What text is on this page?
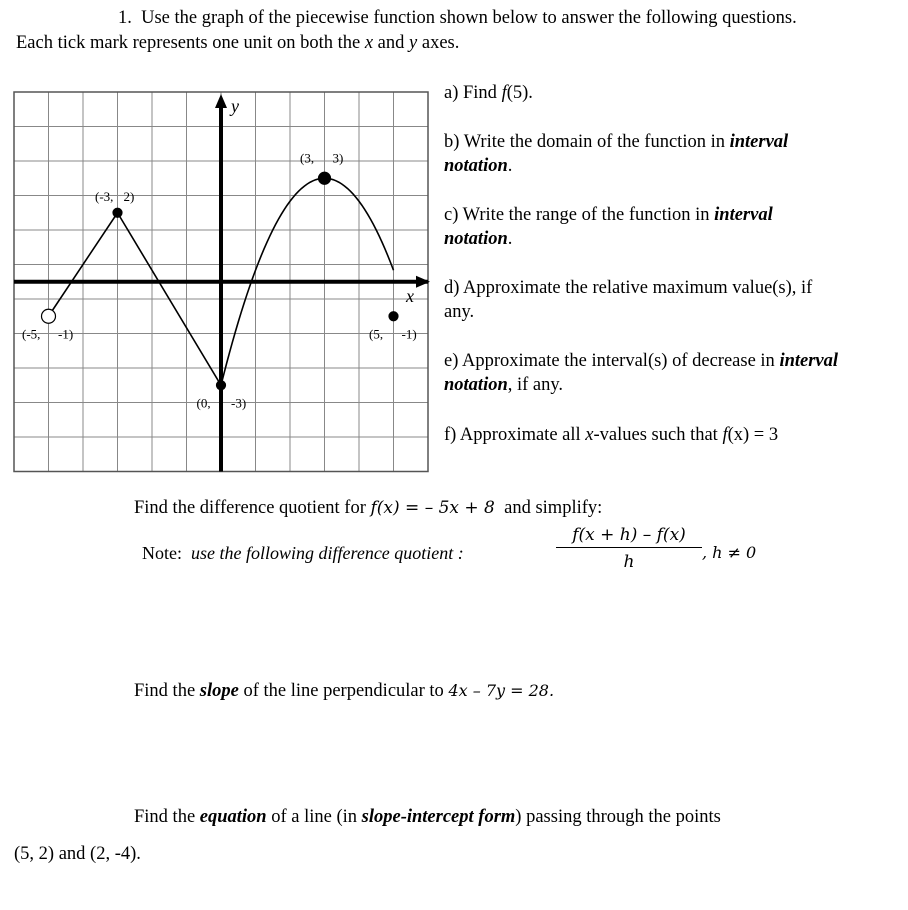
1. Use the graph of the piecewise function shown below to answer the following questions.
Each tick mark represents one unit on both the x and y axes.
x
y
(-5, -1)
(-3, 2)
(0, -3)
(3, 3)
(5, -1)
a) Find f(5).
b) Write the domain of the function in interval
notation.
c) Write the range of the function in interval
notation.
d) Approximate the relative maximum value(s), if
any.
e) Approximate the interval(s) of decrease in interval
notation, if any.
f) Approximate all x-values such that f(x) = 3
Find the difference quotient for f(x) = – 5x + 8 and simplify:
Note: use the following difference quotient :	$\frac{f(x + h) - f(x)}{h}$ , h ≠ 0
Find the slope of the line perpendicular to 4x – 7y = 28.
Find the equation of a line (in slope-intercept form) passing through the points
(5, 2) and (2, -4).
